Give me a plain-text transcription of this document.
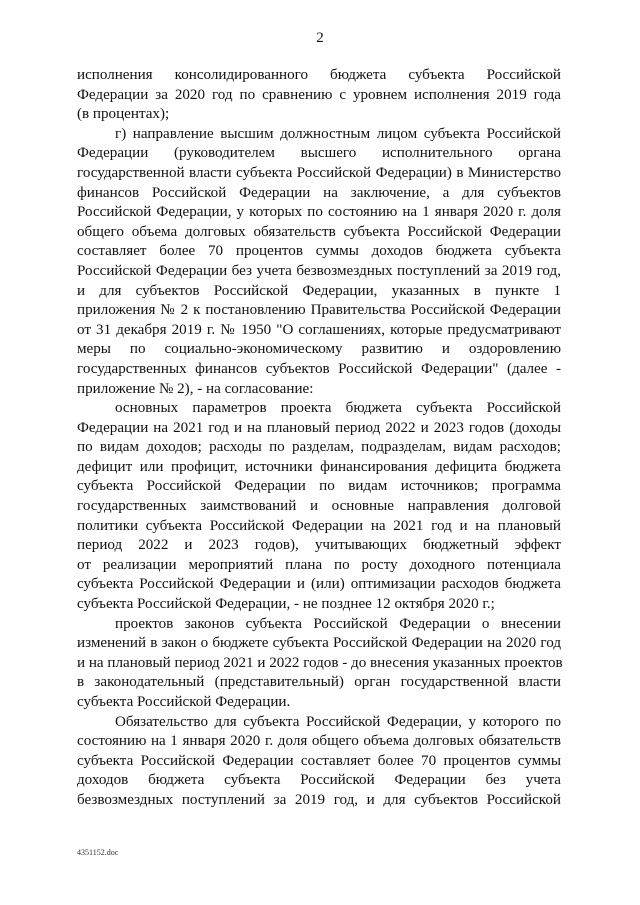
2

исполнения консолидированного бюджета субъекта Российской

Федерации за 2020 год по сравнению с уровнем исполнения 2019 года

(в процентах);

г) направление высшим должностным лицом субъекта Российской

Федерации (руководителем высшего исполнительного органа

государственной власти субъекта Российской Федерации) в Министерство

финансов Российской Федерации на заключение, а для субъектов

Российской Федерации, у которых по состоянию на 1 января 2020 г. доля

общего объема долговых обязательств субъекта Российской Федерации

составляет более 70 процентов суммы доходов бюджета субъекта

Российской Федерации без учета безвозмездных поступлений за 2019 год,

и для субъектов Российской Федерации, указанных в пункте 1

приложения № 2 к постановлению Правительства Российской Федерации

от 31 декабря 2019 г. № 1950 "О соглашениях, которые предусматривают

меры по социально-экономическому развитию и оздоровлению

государственных финансов субъектов Российской Федерации" (далее -

приложение № 2), - на согласование:

основных параметров проекта бюджета субъекта Российской

Федерации на 2021 год и на плановый период 2022 и 2023 годов (доходы

по видам доходов; расходы по разделам, подразделам, видам расходов;

дефицит или профицит, источники финансирования дефицита бюджета

субъекта Российской Федерации по видам источников; программа

государственных заимствований и основные направления долговой

политики субъекта Российской Федерации на 2021 год и на плановый

период 2022 и 2023 годов), учитывающих бюджетный эффект

от реализации мероприятий плана по росту доходного потенциала

субъекта Российской Федерации и (или) оптимизации расходов бюджета

субъекта Российской Федерации, - не позднее 12 октября 2020 г.;

проектов законов субъекта Российской Федерации о внесении

изменений в закон о бюджете субъекта Российской Федерации на 2020 год

и на плановый период 2021 и 2022 годов - до внесения указанных проектов

в законодательный (представительный) орган государственной власти

субъекта Российской Федерации.

Обязательство для субъекта Российской Федерации, у которого по

состоянию на 1 января 2020 г. доля общего объема долговых обязательств

субъекта Российской Федерации составляет более 70 процентов суммы

доходов бюджета субъекта Российской Федерации без учета

безвозмездных поступлений за 2019 год, и для субъектов Российской

4351152.doc
